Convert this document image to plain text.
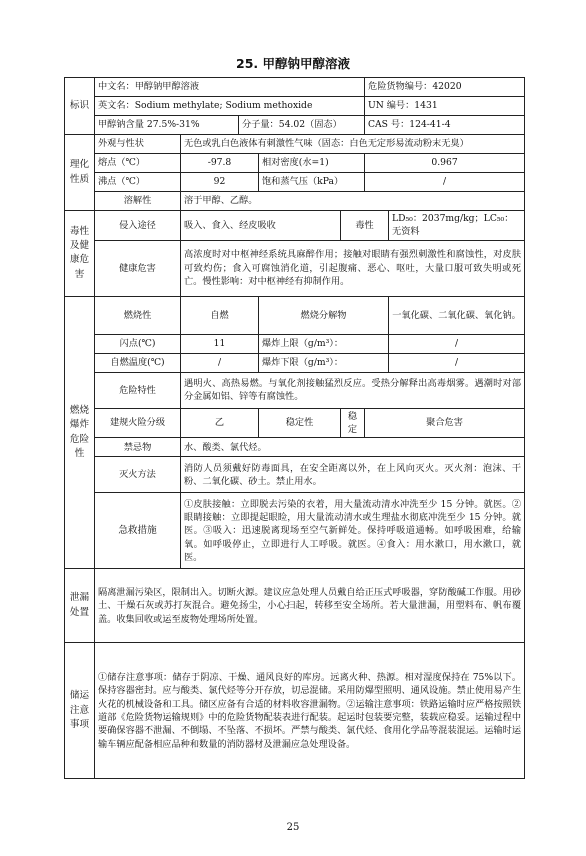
25. 甲醇钠甲醇溶液
标识	中文名：甲醇钠甲醇溶液					危险货物编号：42020		
	英文名：Sodium methylate; Sodium methoxide					UN 编号：1431		
	甲醇钠含量 27.5%-31%		分子量：54.02（固态）			CAS 号：124-41-4		
理化性质	外观与性状	无色或乳白色液体有刺激性气味（固态：白色无定形易流动粉末无臭）						
	熔点（℃）	-97.8		相对密度(水=1)		0.967		
	沸点（℃）	92		饱和蒸气压（kPa）		/		
	溶解性	溶于甲醇、乙醇。						
毒性及健康危害	侵入途径	吸入、食入、经皮吸收			毒性		LD₅₀：2037mg/kg；LC₅₀：无资料	
	健康危害	高浓度时对中枢神经系统具麻醉作用；接触对眼睛有强烈刺激性和腐蚀性，对皮肤可致灼伤；食入可腐蚀消化道，引起腹痛、恶心、呕吐，大量口服可致失明或死亡。慢性影响：对中枢神经有抑制作用。						
燃烧爆炸危险性	燃烧性	自燃		燃烧分解物			一氧化碳、二氧化碳、氧化钠。	
	闪点(℃)	11		爆炸上限（g/m³）：			/	
	自燃温度(℃)	/		爆炸下限（g/m³）：			/	
	危险特性	遇明火、高热易燃。与氧化剂接触猛烈反应。受热分解释出高毒烟雾。遇潮时对部分金属如铝、锌等有腐蚀性。						
	建规火险分级	乙		稳定性	稳定	聚合危害	
	禁忌物	水、酸类、氯代烃。						
	灭火方法	消防人员须戴好防毒面具，在安全距离以外，在上风向灭火。灭火剂：泡沫、干粉、二氧化碳、砂土。禁止用水。						
	急救措施	①皮肤接触：立即脱去污染的衣着，用大量流动清水冲洗至少 15 分钟。就医。②眼睛接触：立即提起眼睑，用大量流动清水或生理盐水彻底冲洗至少 15 分钟。就医。③吸入：迅速脱离现场至空气新鲜处。保持呼吸道通畅。如呼吸困难，给输氧。如呼吸停止，立即进行人工呼吸。就医。④食入：用水漱口，用水漱口，就医。						
泄漏处置	隔离泄漏污染区，限制出入。切断火源。建议应急处理人员戴自给正压式呼吸器，穿防酸碱工作服。用砂土、干燥石灰或苏打灰混合。避免扬尘，小心扫起，转移至安全场所。若大量泄漏，用塑料布、帆布覆盖。收集回收或运至废物处理场所处置。							
储运注意事项	①储存注意事项：储存于阴凉、干燥、通风良好的库房。远离火种、热源。相对湿度保持在 75%以下。保持容器密封。应与酸类、氯代烃等分开存放，切忌混储。采用防爆型照明、通风设施。禁止使用易产生火花的机械设备和工具。储区应备有合适的材料收容泄漏物。②运输注意事项：铁路运输时应严格按照铁道部《危险货物运输规则》中的危险货物配装表进行配装。起运时包装要完整，装载应稳妥。运输过程中要确保容器不泄漏、不倒塌、不坠落、不损坏。严禁与酸类、氯代烃、食用化学品等混装混运。运输时运输车辆应配备相应品种和数量的消防器材及泄漏应急处理设备。							
25
